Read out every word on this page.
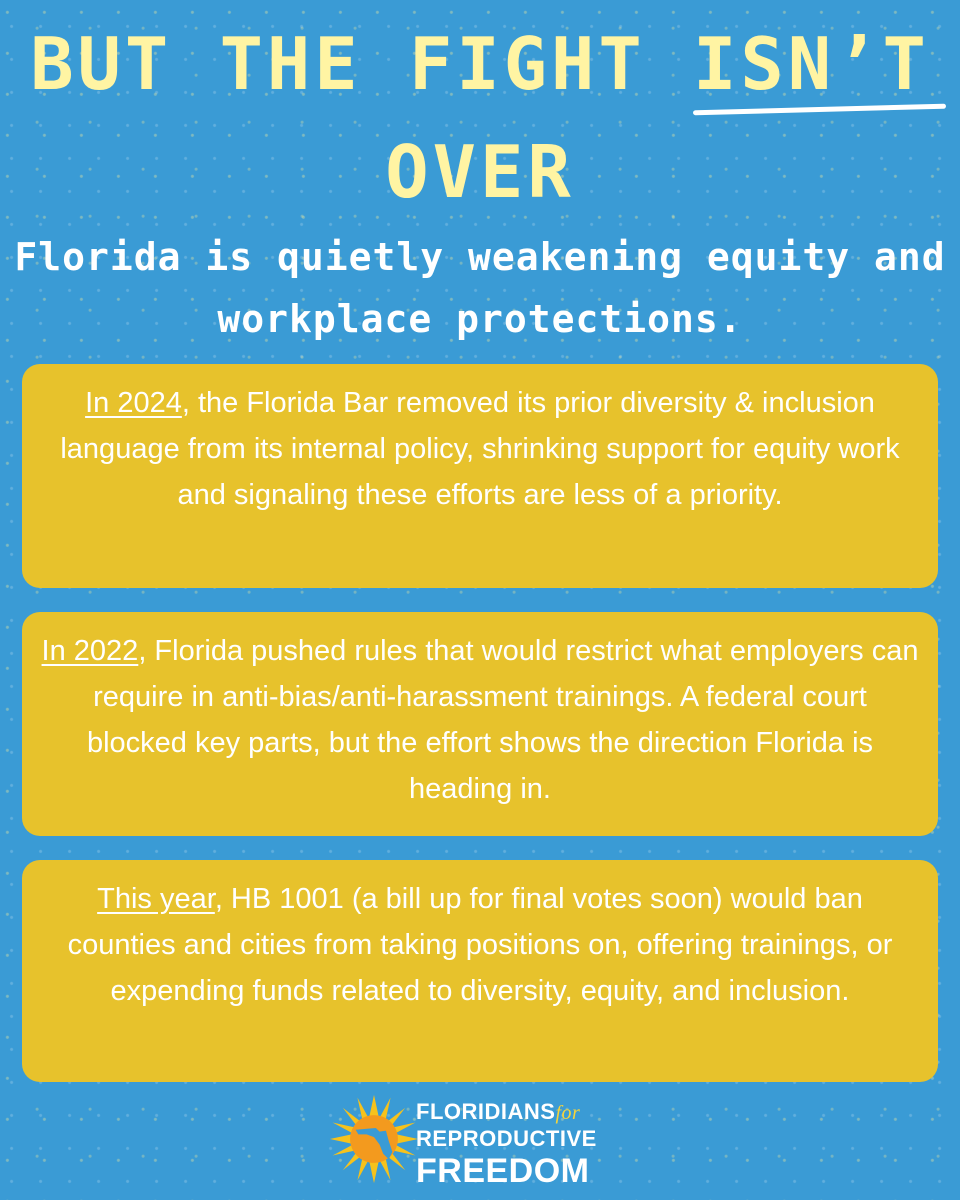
BUT THE FIGHT ISN’T
OVER
Florida is quietly weakening equity and
workplace protections.
In 2024, the Florida Bar removed its prior diversity & inclusion language from its internal policy, shrinking support for equity work and signaling these efforts are less of a priority.
In 2022, Florida pushed rules that would restrict what employers can require in anti-bias/anti-harassment trainings. A federal court blocked key parts, but the effort shows the direction Florida is heading in.
This year, HB 1001 (a bill up for final votes soon) would ban counties and cities from taking positions on, offering trainings, or expending funds related to diversity, equity, and inclusion.
FLORIDIANSfor
REPRODUCTIVE
FREEDOM
